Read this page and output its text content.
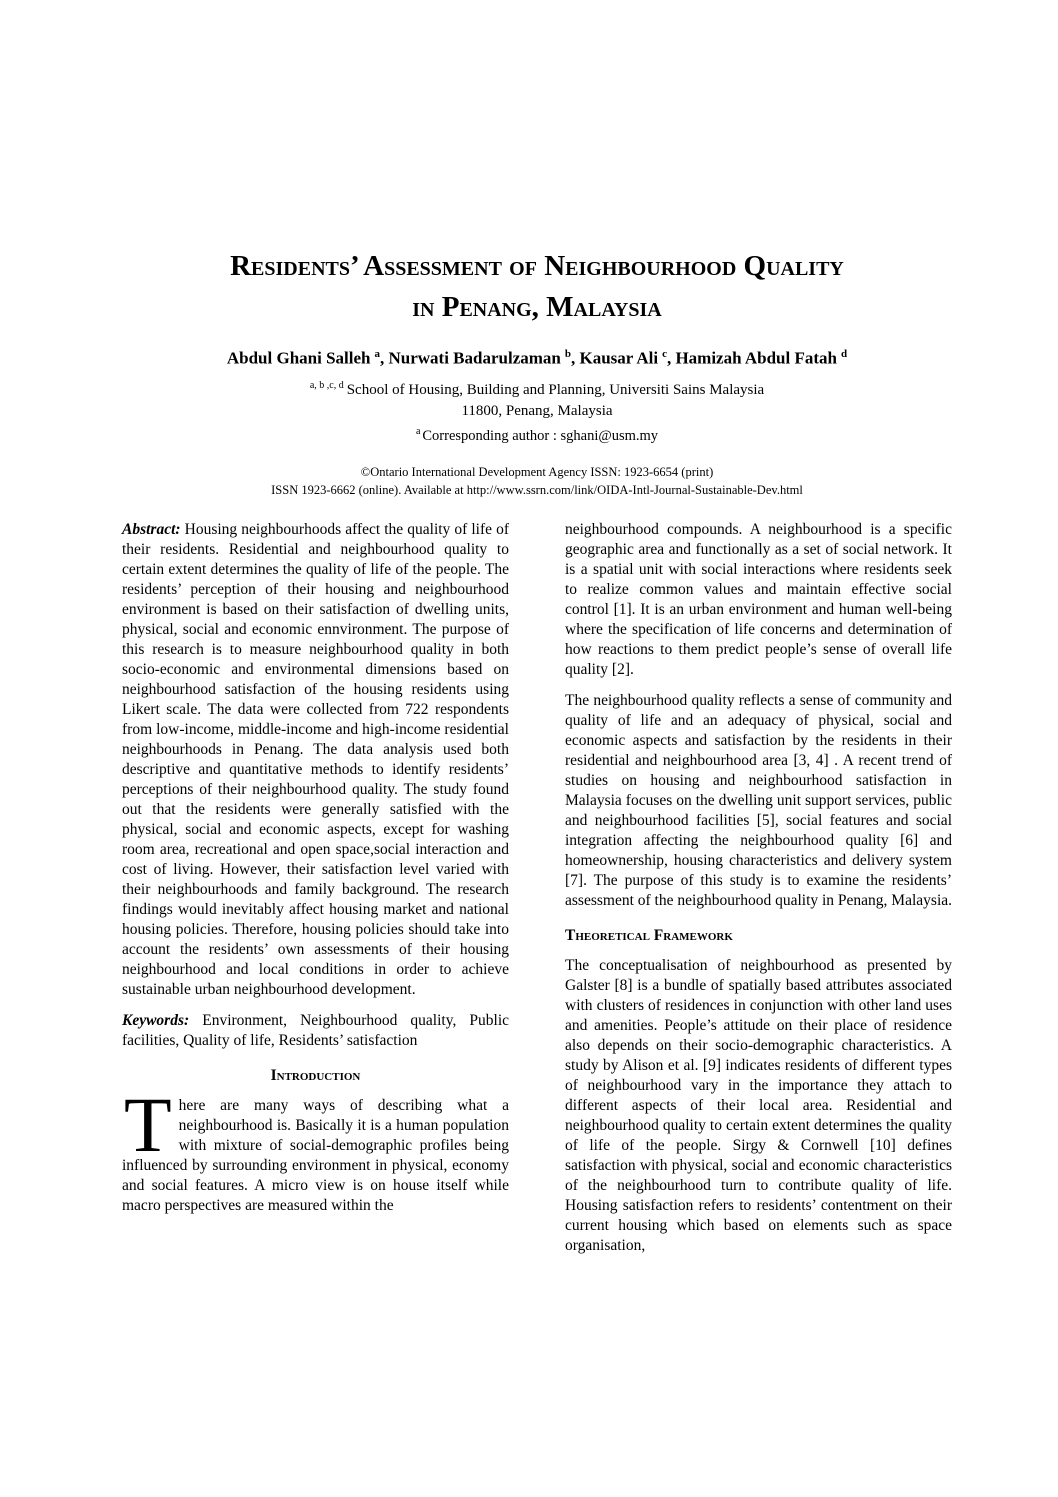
Residents’ Assessment of Neighbourhood Quality
in Penang, Malaysia
Abdul Ghani Salleh $^a$, Nurwati Badarulzaman $^b$, Kausar Ali $^c$, Hamizah Abdul Fatah $^d$
$^{a, b ,c, d}$ School of Housing, Building and Planning, Universiti Sains Malaysia
11800, Penang, Malaysia
$^a$ Corresponding author : sghani@usm.my
©Ontario International Development Agency ISSN: 1923-6654 (print)
ISSN 1923-6662 (online). Available at http://www.ssrn.com/link/OIDA-Intl-Journal-Sustainable-Dev.html

Abstract: Housing neighbourhoods affect the quality of life of their residents. Residential and neighbourhood quality to certain extent determines the quality of life of the people. The residents’ perception of their housing and neighbourhood environment is based on their satisfaction of dwelling units, physical, social and economic ennvironment. The purpose of this research is to measure neighbourhood quality in both socio-economic and environmental dimensions based on neighbourhood satisfaction of the housing residents using Likert scale. The data were collected from 722 respondents from low-income, middle-income and high-income residential neighbourhoods in Penang. The data analysis used both descriptive and quantitative methods to identify residents’ perceptions of their neighbourhood quality. The study found out that the residents were generally satisfied with the physical, social and economic aspects, except for washing room area, recreational and open space,social interaction and cost of living. However, their satisfaction level varied with their neighbourhoods and family background. The research findings would inevitably affect housing market and national housing policies. Therefore, housing policies should take into account the residents’ own assessments of their housing neighbourhood and local conditions in order to achieve sustainable urban neighbourhood development.

Keywords: Environment, Neighbourhood quality, Public facilities, Quality of life, Residents’ satisfaction

Introduction

There are many ways of describing what a neighbourhood is. Basically it is a human population with mixture of social-demographic profiles being influenced by surrounding environment in physical, economy and social features. A micro view is on house itself while macro perspectives are measured within the

neighbourhood compounds. A neighbourhood is a specific geographic area and functionally as a set of social network. It is a spatial unit with social interactions where residents seek to realize common values and maintain effective social control [1]. It is an urban environment and human well-being where the specification of life concerns and determination of how reactions to them predict people’s sense of overall life quality [2].

The neighbourhood quality reflects a sense of community and quality of life and an adequacy of physical, social and economic aspects and satisfaction by the residents in their residential and neighbourhood area [3, 4] . A recent trend of studies on housing and neighbourhood satisfaction in Malaysia focuses on the dwelling unit support services, public and neighbourhood facilities [5], social features and social integration affecting the neighbourhood quality [6] and homeownership, housing characteristics and delivery system [7]. The purpose of this study is to examine the residents’ assessment of the neighbourhood quality in Penang, Malaysia.

Theoretical Framework

The conceptualisation of neighbourhood as presented by Galster [8] is a bundle of spatially based attributes associated with clusters of residences in conjunction with other land uses and amenities. People’s attitude on their place of residence also depends on their socio-demographic characteristics. A study by Alison et al. [9] indicates residents of different types of neighbourhood vary in the importance they attach to different aspects of their local area. Residential and neighbourhood quality to certain extent determines the quality of life of the people. Sirgy & Cornwell [10] defines satisfaction with physical, social and economic characteristics of the neighbourhood turn to contribute quality of life. Housing satisfaction refers to residents’ contentment on their current housing which based on elements such as space organisation,
